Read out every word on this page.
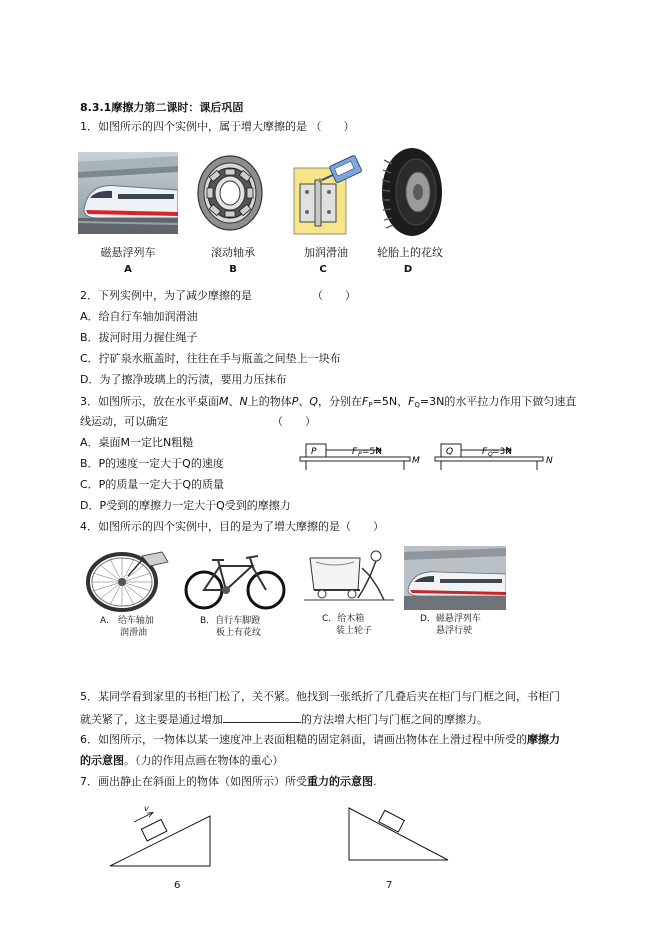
8.3.1摩擦力第二课时：课后巩固
1．如图所示的四个实例中，属于增大摩擦的是 （　　）
磁悬浮列车	滚动轴承	加润滑油	轮胎上的花纹
A	B	C	D
2．下列实例中，为了减少摩擦的是	（　　）
A．给自行车轴加润滑油
B．拔河时用力握住绳子
C．拧矿泉水瓶盖时，往往在手与瓶盖之间垫上一块布
D．为了擦净玻璃上的污渍，要用力压抹布
3．如图所示，放在水平桌面M、N上的物体P、Q，分别在$F_P=5N$、$F_Q=3N$的水平拉力作用下做匀速直
线运动，可以确定	（　　）
A．桌面M一定比N粗糙
B．P的速度一定大于Q的速度
C．P的质量一定大于Q的质量
D．P受到的摩擦力一定大于Q受到的摩擦力
P	F P =5N
M
Q	F Q =3N
N
4．如图所示的四个实例中，目的是为了增大摩擦的是（　　）
A.　给车轴加
润滑油
B．自行车脚蹬
板上有花纹
C．给木箱
装上轮子
D．磁悬浮列车
悬浮行驶
5．某同学看到家里的书柜门松了，关不紧。他找到一张纸折了几叠后夹在柜门与门框之间，书柜门
就关紧了，这主要是通过增加	的方法增大柜门与门框之间的摩擦力。
6．如图所示，一物体以某一速度冲上表面粗糙的固定斜面，请画出物体在上滑过程中所受的摩擦力
的示意图。（力的作用点画在物体的重心）
7．画出静止在斜面上的物体（如图所示）所受重力的示意图.
v
6	7
